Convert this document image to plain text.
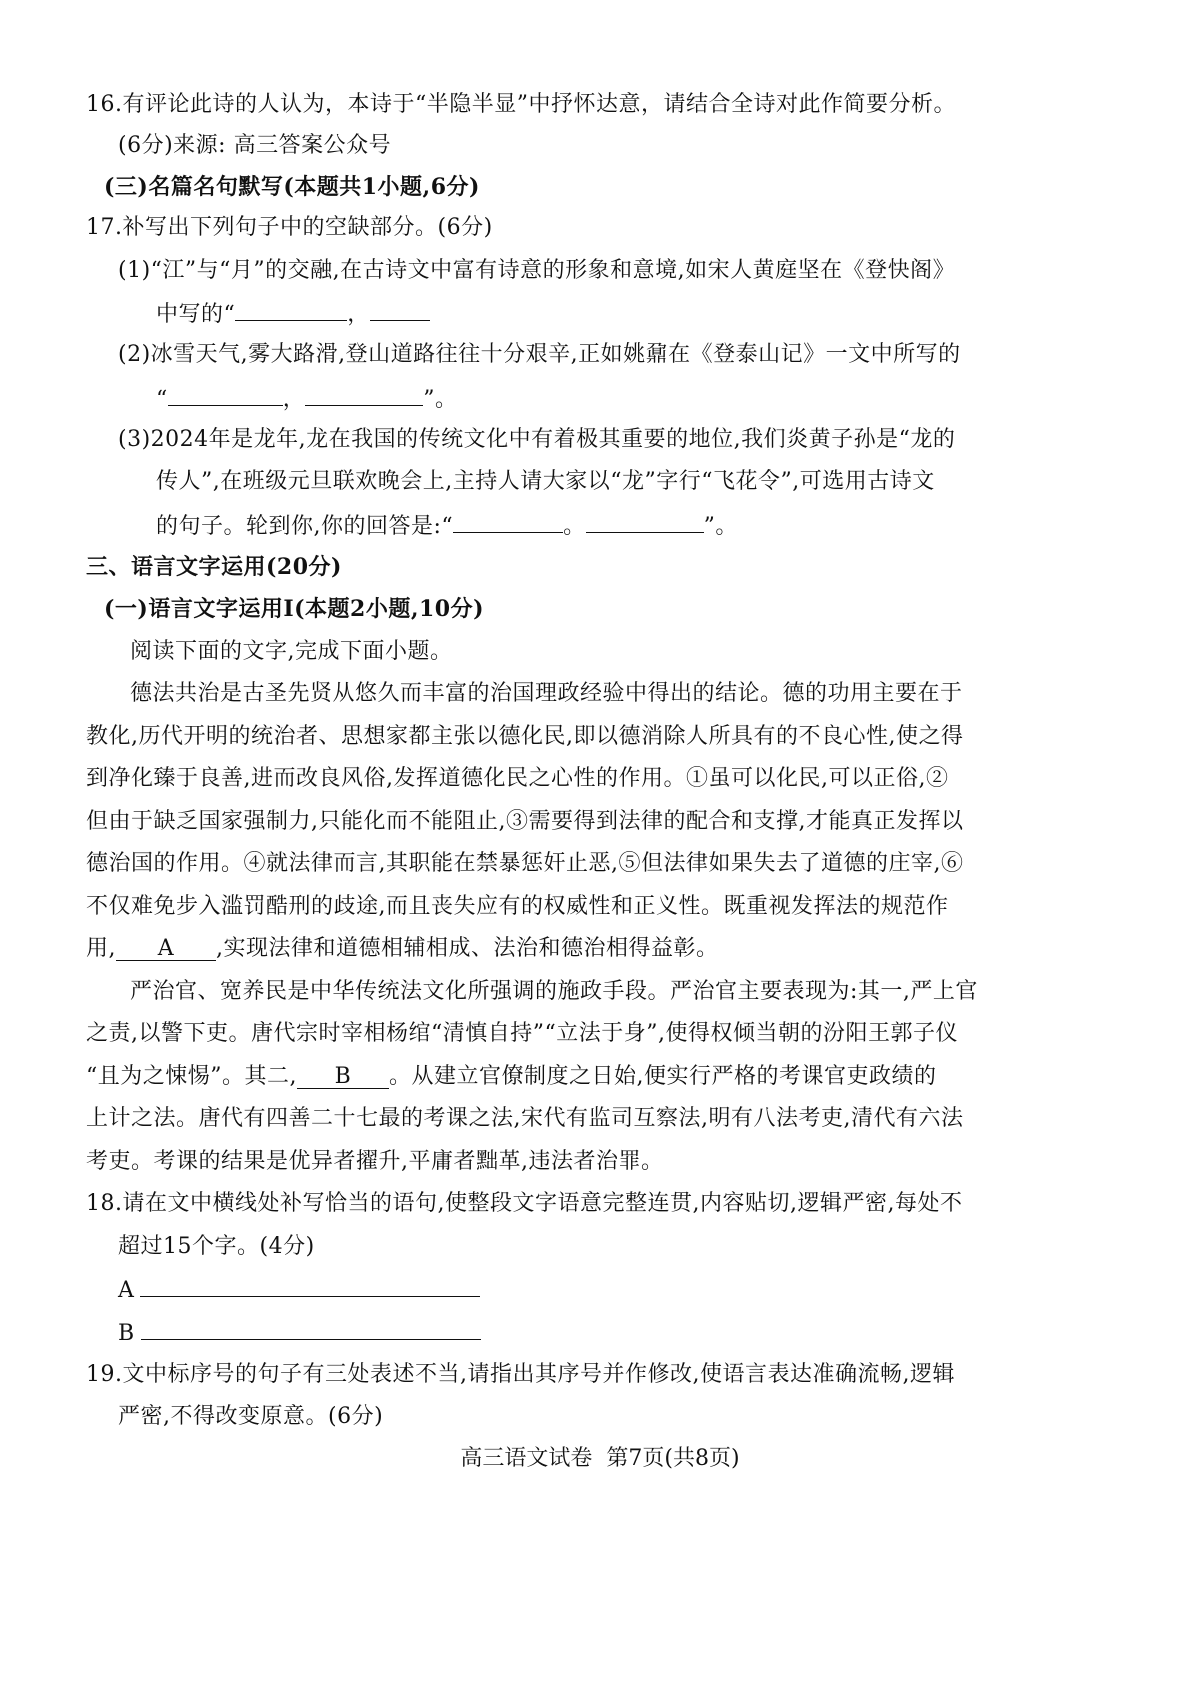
16.有评论此诗的人认为，本诗于“半隐半显”中抒怀达意，请结合全诗对此作简要分析。
(6分)来源: 高三答案公众号
(三)名篇名句默写(本题共1小题,6分)
17.补写出下列句子中的空缺部分。(6分)
(1)“江”与“月”的交融,在古诗文中富有诗意的形象和意境,如宋人黄庭坚在《登快阁》
中写的“	，
(2)冰雪天气,雾大路滑,登山道路往往十分艰辛,正如姚鼐在《登泰山记》一文中所写的
“	，	”。
(3)2024年是龙年,龙在我国的传统文化中有着极其重要的地位,我们炎黄子孙是“龙的
传人”,在班级元旦联欢晚会上,主持人请大家以“龙”字行“飞花令”,可选用古诗文
的句子。轮到你,你的回答是:“	。	”。
三、语言文字运用(20分)
(一)语言文字运用Ⅰ(本题2小题,10分)
阅读下面的文字,完成下面小题。
德法共治是古圣先贤从悠久而丰富的治国理政经验中得出的结论。德的功用主要在于
教化,历代开明的统治者、思想家都主张以德化民,即以德消除人所具有的不良心性,使之得
到净化臻于良善,进而改良风俗,发挥道德化民之心性的作用。①虽可以化民,可以正俗,②
但由于缺乏国家强制力,只能化而不能阻止,③需要得到法律的配合和支撑,才能真正发挥以
德治国的作用。④就法律而言,其职能在禁暴惩奸止恶,⑤但法律如果失去了道德的庄宰,⑥
不仅难免步入滥罚酷刑的歧途,而且丧失应有的权威性和正义性。既重视发挥法的规范作
用, A ,实现法律和道德相辅相成、法治和德治相得益彰。
严治官、宽养民是中华传统法文化所强调的施政手段。严治官主要表现为:其一,严上官
之责,以警下吏。唐代宗时宰相杨绾“清慎自持”“立法于身”,使得权倾当朝的汾阳王郭子仪
“且为之悚惕”。其二, B 。从建立官僚制度之日始,便实行严格的考课官吏政绩的
上计之法。唐代有四善二十七最的考课之法,宋代有监司互察法,明有八法考吏,清代有六法
考吏。考课的结果是优异者擢升,平庸者黜革,违法者治罪。
18.请在文中横线处补写恰当的语句,使整段文字语意完整连贯,内容贴切,逻辑严密,每处不
超过15个字。(4分)
A
B
19.文中标序号的句子有三处表述不当,请指出其序号并作修改,使语言表达准确流畅,逻辑
严密,不得改变原意。(6分)
高三语文试卷  第7页(共8页)
